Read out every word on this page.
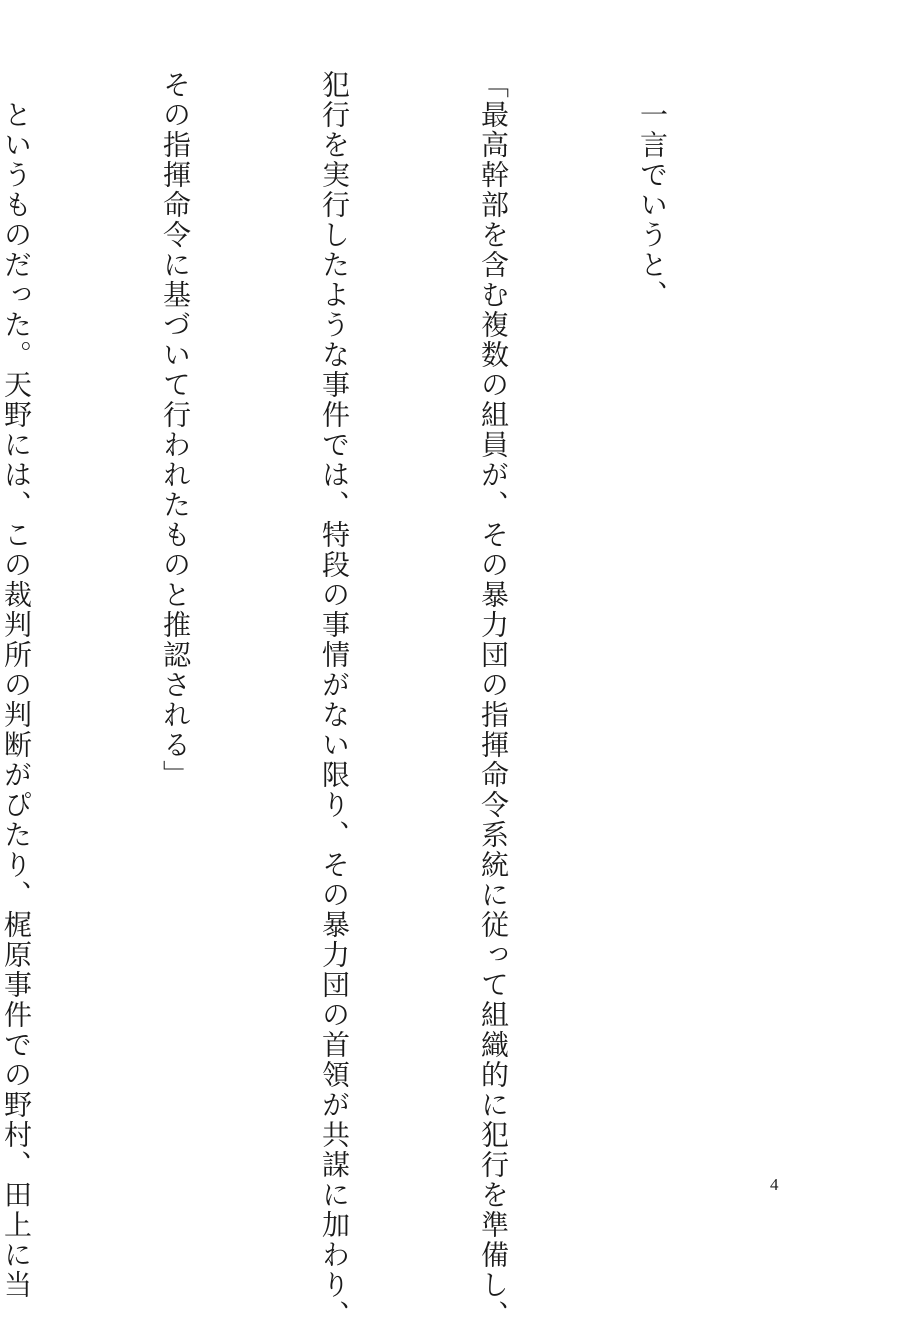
　一言でいうと、

「最高幹部を含む複数の組員が、その暴力団の指揮命令系統に従って組織的に犯行を準備し、

犯行を実行したような事件では、特段の事情がない限り、その暴力団の首領が共謀に加わり、

その指揮命令に基づいて行われたものと推認される」

　というものだった。天野には、この裁判所の判断がぴたり、梶原事件での野村、田上に当

	4
